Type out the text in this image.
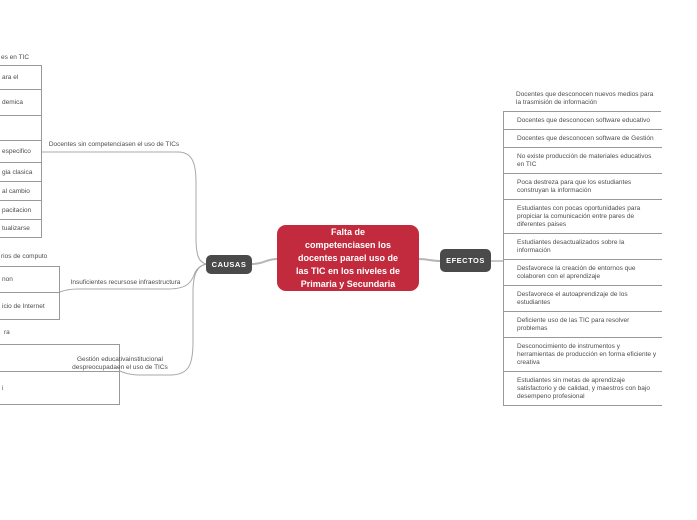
Falta de
competenciasen los
docentes parael uso de
las TIC en los niveles de
Primaria y Secundaria
CAUSAS	EFECTOS
es en TIC
ara el
demica
especifico
gia clasica
al cambio
pacitacion
tualizarse
Docentes sin competenciasen el uso de TICs
rios de computo
non
icio de Internet
Insuficientes recursose infraestructura
ra
i
Gestión educativainstitucional despreocupadaen el uso de TICs
Docentes que desconocen nuevos medios para la trasmisión de información
Docentes que desconocen software educativo
Docentes que desconocen software de Gestión
No existe producción de materiales educativos en TIC
Poca destreza para que los estudiantes construyan la información
Estudiantes con pocas oportunidades para propiciar la comunicación entre pares de diferentes paises
Estudiantes desactualizados sobre la información
Desfavorece la creación de entornos que colaboren con el aprendizaje
Desfavorece el autoaprendizaje de los estudiantes
Deficiente uso de las TIC para resolver problemas
Desconocimiento de instrumentos y herramientas de producción en forma eficiente y creativa
Estudiantes sin metas de aprendizaje satisfactorio y de calidad, y maestros con bajo desempeno profesional
